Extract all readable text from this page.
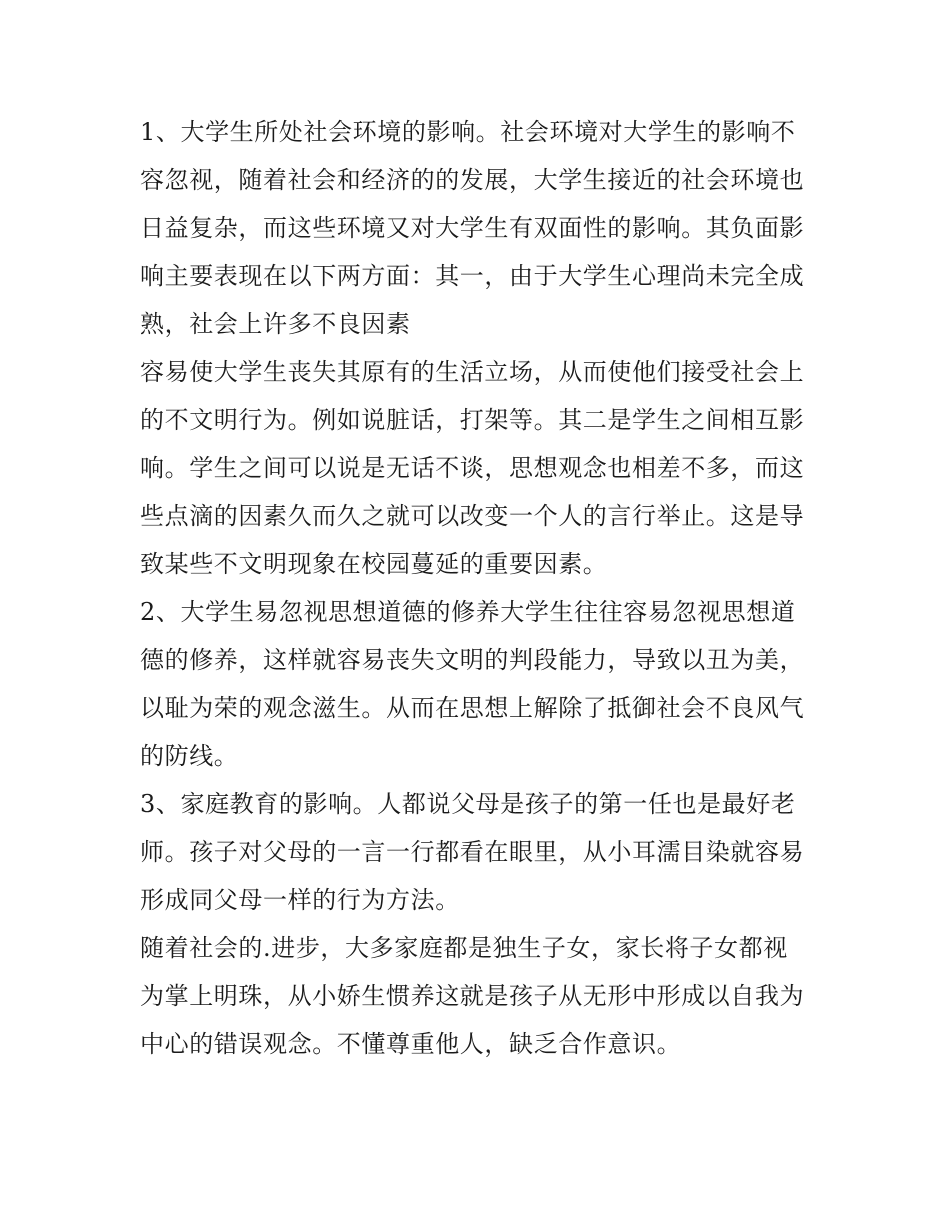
1、大学生所处社会环境的影响。社会环境对大学生的影响不
容忽视，随着社会和经济的的发展，大学生接近的社会环境也
日益复杂，而这些环境又对大学生有双面性的影响。其负面影
响主要表现在以下两方面：其一，由于大学生心理尚未完全成
熟，社会上许多不良因素
容易使大学生丧失其原有的生活立场，从而使他们接受社会上
的不文明行为。例如说脏话，打架等。其二是学生之间相互影
响。学生之间可以说是无话不谈，思想观念也相差不多，而这
些点滴的因素久而久之就可以改变一个人的言行举止。这是导
致某些不文明现象在校园蔓延的重要因素。
2、大学生易忽视思想道德的修养大学生往往容易忽视思想道
德的修养，这样就容易丧失文明的判段能力，导致以丑为美，
以耻为荣的观念滋生。从而在思想上解除了抵御社会不良风气
的防线。
3、家庭教育的影响。人都说父母是孩子的第一任也是最好老
师。孩子对父母的一言一行都看在眼里，从小耳濡目染就容易
形成同父母一样的行为方法。
随着社会的.进步，大多家庭都是独生子女，家长将子女都视
为掌上明珠，从小娇生惯养这就是孩子从无形中形成以自我为
中心的错误观念。不懂尊重他人，缺乏合作意识。
